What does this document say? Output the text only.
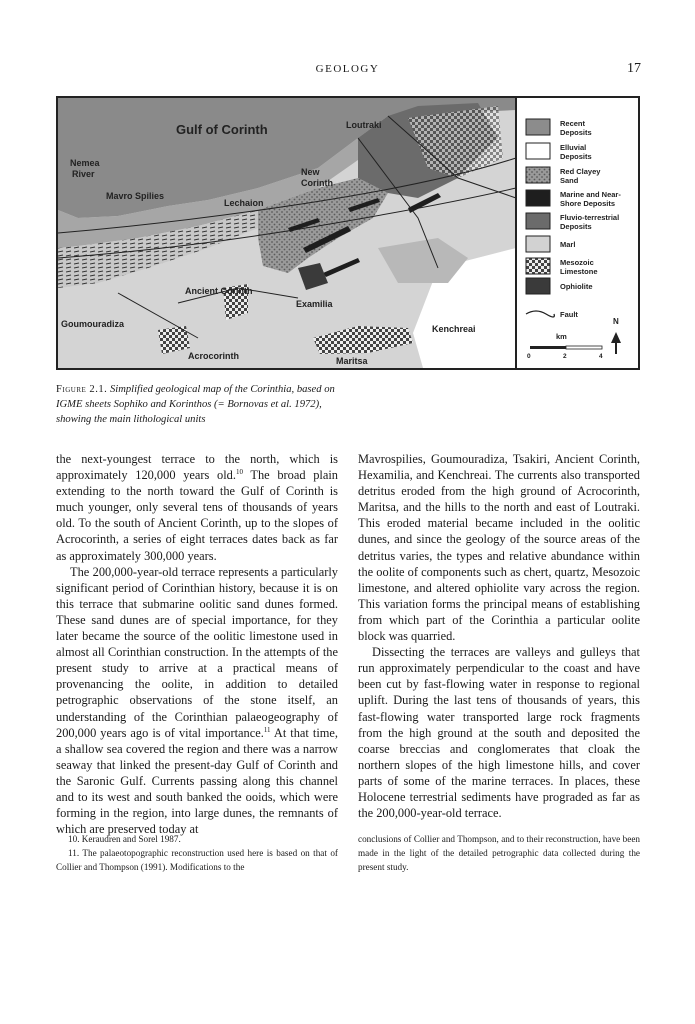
GEOLOGY	17
Gulf of Corinth	Loutraki
Nemea
River	New
Corinth
Mavro Spilies
Lechaion
Ancient Corinth
Examilia
Goumouradiza	Kenchreai
Acrocorinth	Maritsa
Recent
Deposits
Elluvial
Deposits
Red Clayey
Sand
Marine and Near-
Shore Deposits
Fluvio-terrestrial
Deposits
Marl
Mesozoic
Limestone
Ophiolite
Fault
N
km
0	2	4
Figure 2.1. Simplified geological map of the Corinthia, based on IGME sheets Sophiko and Korinthos (= Bornovas et al. 1972), showing the main lithological units

the next-youngest terrace to the north, which is approximately 120,000 years old.$^{10}$ The broad plain extending to the north toward the Gulf of Corinth is much younger, only several tens of thousands of years old. To the south of Ancient Corinth, up to the slopes of Acrocorinth, a series of eight terraces dates back as far as approximately 300,000 years.

The 200,000-year-old terrace represents a particularly significant period of Corinthian history, because it is on this terrace that submarine oolitic sand dunes formed. These sand dunes are of special importance, for they later became the source of the oolitic limestone used in almost all Corinthian construction. In the attempts of the present study to arrive at a practical means of provenancing the oolite, in addition to detailed petrographic observations of the stone itself, an understanding of the Corinthian palaeogeography of 200,000 years ago is of vital importance.$^{11}$ At that time, a shallow sea covered the region and there was a narrow seaway that linked the present-day Gulf of Corinth and the Saronic Gulf. Currents passing along this channel and to its west and south banked the ooids, which were forming in the region, into large dunes, the remnants of which are preserved today at

Mavrospilies, Goumouradiza, Tsakiri, Ancient Corinth, Hexamilia, and Kenchreai. The currents also transported detritus eroded from the high ground of Acrocorinth, Maritsa, and the hills to the north and east of Loutraki. This eroded material became included in the oolitic dunes, and since the geology of the source areas of the detritus varies, the types and relative abundance within the oolite of components such as chert, quartz, Mesozoic limestone, and altered ophiolite vary across the region. This variation forms the principal means of establishing from which part of the Corinthia a particular oolite block was quarried.

Dissecting the terraces are valleys and gulleys that run approximately perpendicular to the coast and have been cut by fast-flowing water in response to regional uplift. During the last tens of thousands of years, this fast-flowing water transported large rock fragments from the high ground at the south and deposited the coarse breccias and conglomerates that cloak the northern slopes of the high limestone hills, and cover parts of some of the marine terraces. In places, these Holocene terrestrial sediments have prograded as far as the 200,000-year-old terrace.

10. Keraudren and Sorel 1987.

11. The palaeotopographic reconstruction used here is based on that of Collier and Thompson (1991). Modifications to the

conclusions of Collier and Thompson, and to their reconstruction, have been made in the light of the detailed petrographic data collected during the present study.
